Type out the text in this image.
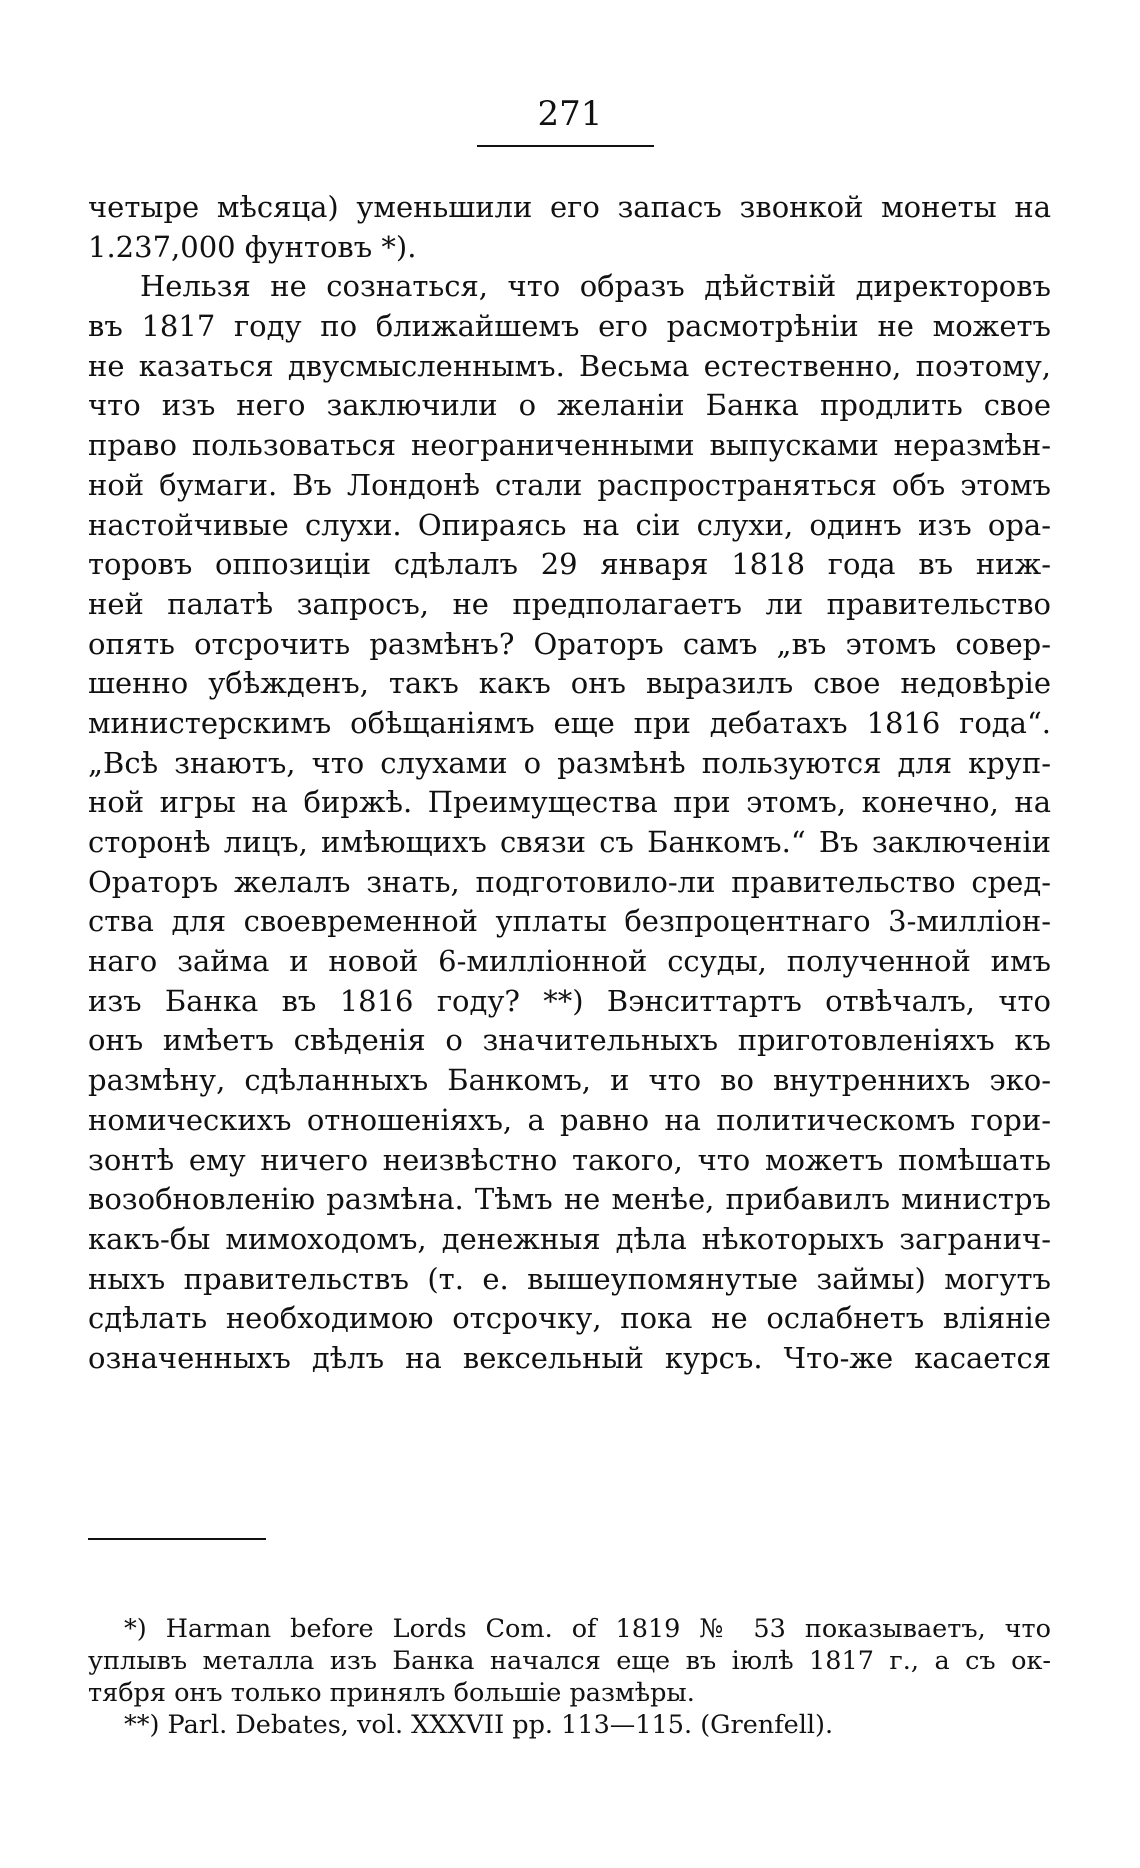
271
четыре мѣсяца) уменьшили его запасъ звонкой монеты на
1.237,000 фунтовъ *).
Нельзя не сознаться, что образъ дѣйствій директоровъ
въ 1817 году по ближайшемъ его расмотрѣніи не можетъ
не казаться двусмысленнымъ. Весьма естественно, поэтому,
что изъ него заключили о желаніи Банка продлить свое
право пользоваться неограниченными выпусками неразмѣн-
ной бумаги. Въ Лондонѣ стали распространяться объ этомъ
настойчивые слухи. Опираясь на сіи слухи, одинъ изъ ора-
торовъ оппозиціи сдѣлалъ 29 января 1818 года въ ниж-
ней палатѣ запросъ, не предполагаетъ ли правительство
опять отсрочить размѣнъ? Ораторъ самъ „въ этомъ совер-
шенно убѣжденъ, такъ какъ онъ выразилъ свое недовѣріе
министерскимъ обѣщаніямъ еще при дебатахъ 1816 года“.
„Всѣ знаютъ, что слухами о размѣнѣ пользуются для круп-
ной игры на биржѣ. Преимущества при этомъ, конечно, на
сторонѣ лицъ, имѣющихъ связи съ Банкомъ.“ Въ заключеніи
Ораторъ желалъ знать, подготовило-ли правительство сред-
ства для своевременной уплаты безпроцентнаго 3-милліон-
наго займа и новой 6-милліонной ссуды, полученной имъ
изъ Банка въ 1816 году? **) Вэнситтартъ отвѣчалъ, что
онъ имѣетъ свѣденія о значительныхъ приготовленіяхъ къ
размѣну, сдѣланныхъ Банкомъ, и что во внутреннихъ эко-
номическихъ отношеніяхъ, а равно на политическомъ гори-
зонтѣ ему ничего неизвѣстно такого, что можетъ помѣшать
возобновленію размѣна. Тѣмъ не менѣе, прибавилъ министръ
какъ-бы мимоходомъ, денежныя дѣла нѣкоторыхъ загранич-
ныхъ правительствъ (т. е. вышеупомянутые займы) могутъ
сдѣлать необходимою отсрочку, пока не ослабнетъ вліяніе
означенныхъ дѣлъ на вексельный курсъ. Что-же касается
*) Harman before Lords Com. of 1819 № 53 показываетъ, что
уплывъ металла изъ Банка начался еще въ іюлѣ 1817 г., а съ ок-
тября онъ только принялъ большіе размѣры.
**) Parl. Debates, vol. XXXVII pp. 113—115. (Grenfell).
